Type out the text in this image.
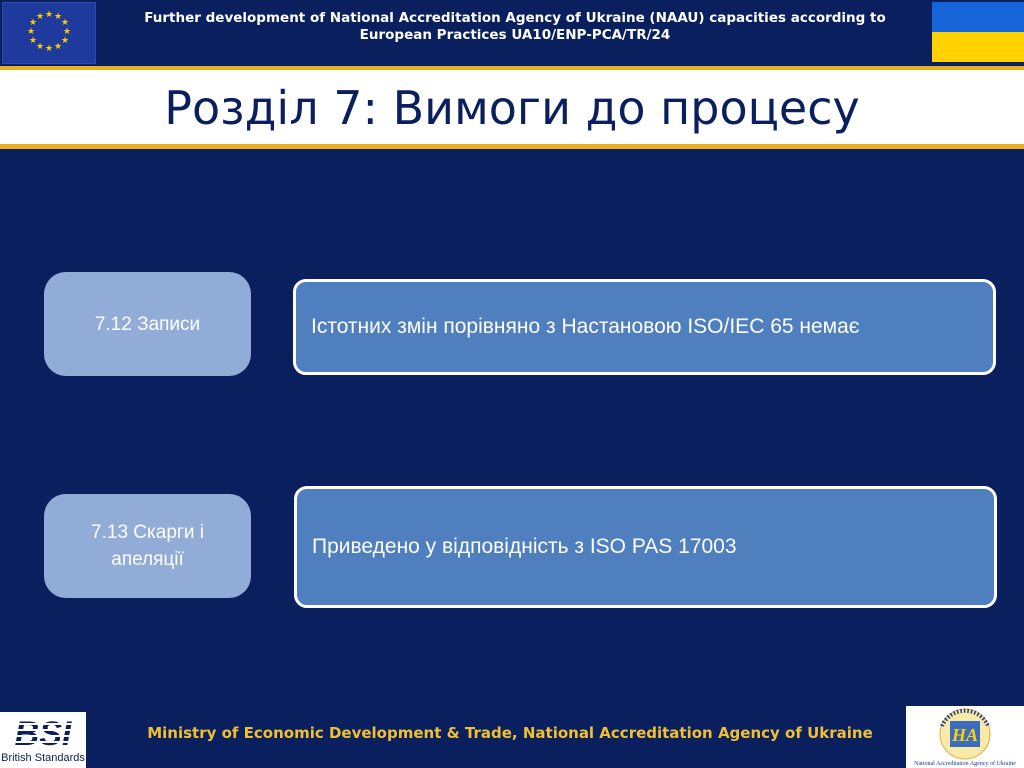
★ ★
★
★
★
★
★
★
★
★
★
★	Further development of National Accreditation Agency of Ukraine (NAAU) capacities according to European Practices UA10/ENP-PCA/TR/24
Розділ 7: Вимоги до процесу
7.12 Записи	Істотних змін порівняно з Настановою ISO/IEC 65 немає
7.13 Скарги і апеляції
Приведено у відповідність з ISO PAS 17003
BSI
British Standards
Ministry of Economic Development & Trade, National Accreditation Agency of Ukraine	НА
National Accreditation Agency of Ukraine
